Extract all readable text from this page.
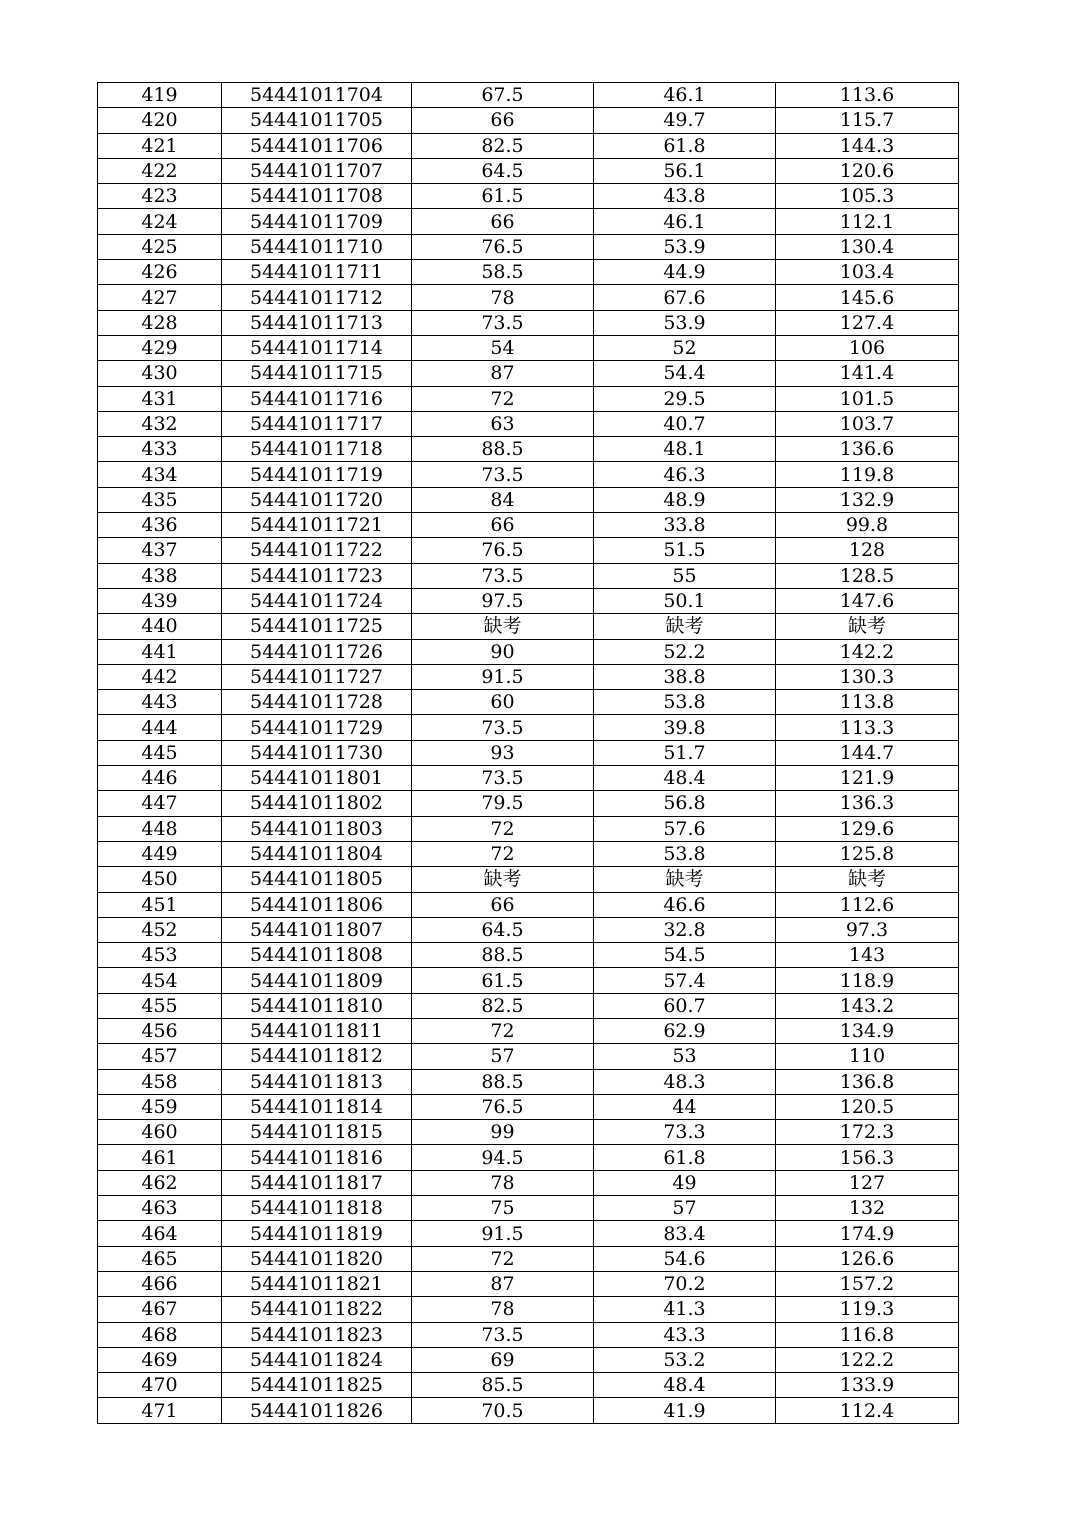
419	54441011704	67.5	46.1	113.6
420	54441011705	66	49.7	115.7
421	54441011706	82.5	61.8	144.3
422	54441011707	64.5	56.1	120.6
423	54441011708	61.5	43.8	105.3
424	54441011709	66	46.1	112.1
425	54441011710	76.5	53.9	130.4
426	54441011711	58.5	44.9	103.4
427	54441011712	78	67.6	145.6
428	54441011713	73.5	53.9	127.4
429	54441011714	54	52	106
430	54441011715	87	54.4	141.4
431	54441011716	72	29.5	101.5
432	54441011717	63	40.7	103.7
433	54441011718	88.5	48.1	136.6
434	54441011719	73.5	46.3	119.8
435	54441011720	84	48.9	132.9
436	54441011721	66	33.8	99.8
437	54441011722	76.5	51.5	128
438	54441011723	73.5	55	128.5
439	54441011724	97.5	50.1	147.6
440	54441011725	缺考	缺考	缺考
441	54441011726	90	52.2	142.2
442	54441011727	91.5	38.8	130.3
443	54441011728	60	53.8	113.8
444	54441011729	73.5	39.8	113.3
445	54441011730	93	51.7	144.7
446	54441011801	73.5	48.4	121.9
447	54441011802	79.5	56.8	136.3
448	54441011803	72	57.6	129.6
449	54441011804	72	53.8	125.8
450	54441011805	缺考	缺考	缺考
451	54441011806	66	46.6	112.6
452	54441011807	64.5	32.8	97.3
453	54441011808	88.5	54.5	143
454	54441011809	61.5	57.4	118.9
455	54441011810	82.5	60.7	143.2
456	54441011811	72	62.9	134.9
457	54441011812	57	53	110
458	54441011813	88.5	48.3	136.8
459	54441011814	76.5	44	120.5
460	54441011815	99	73.3	172.3
461	54441011816	94.5	61.8	156.3
462	54441011817	78	49	127
463	54441011818	75	57	132
464	54441011819	91.5	83.4	174.9
465	54441011820	72	54.6	126.6
466	54441011821	87	70.2	157.2
467	54441011822	78	41.3	119.3
468	54441011823	73.5	43.3	116.8
469	54441011824	69	53.2	122.2
470	54441011825	85.5	48.4	133.9
471	54441011826	70.5	41.9	112.4
